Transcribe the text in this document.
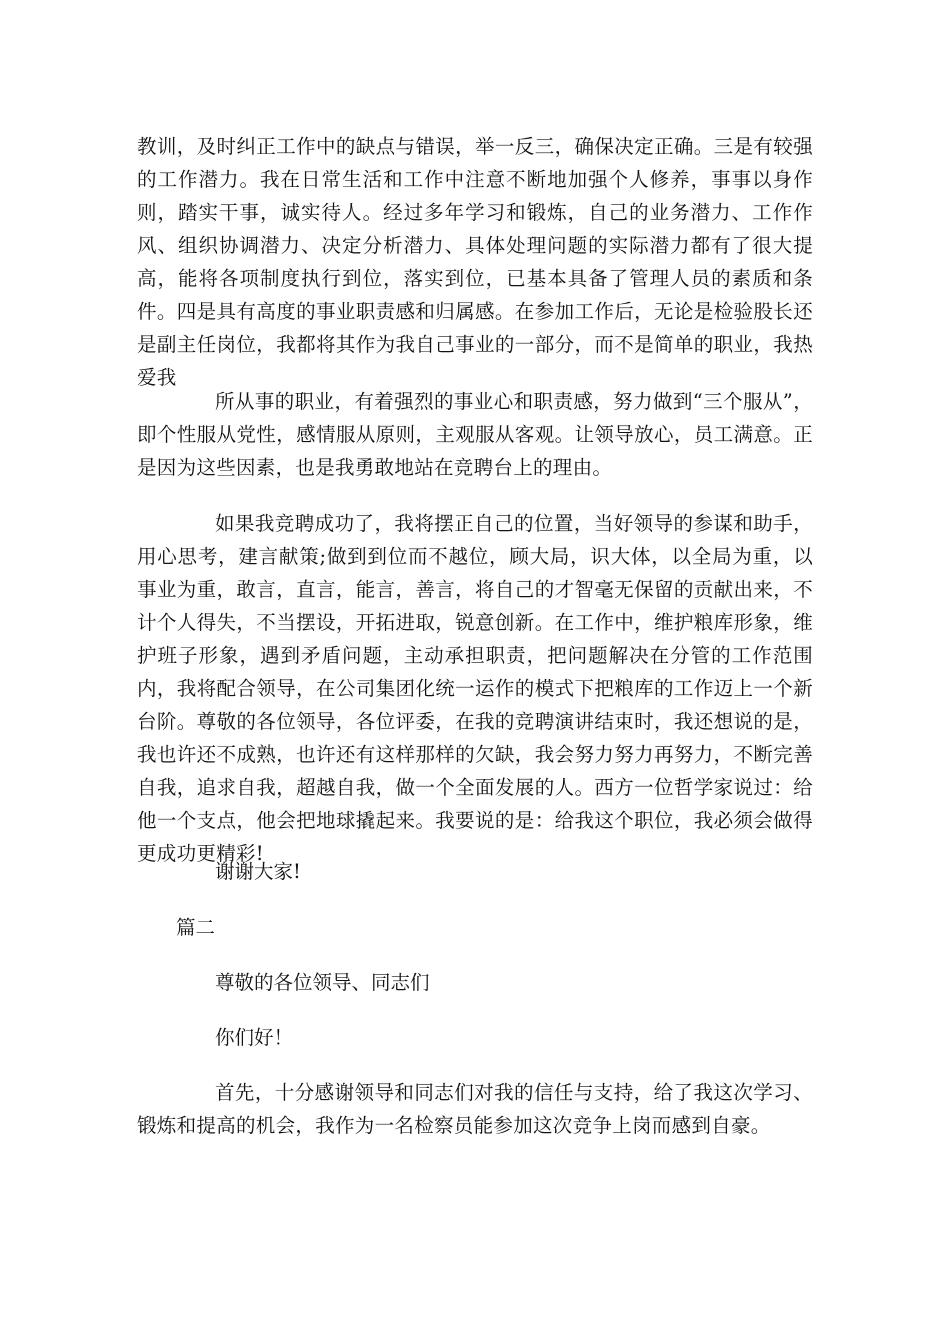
教训，及时纠正工作中的缺点与错误，举一反三，确保决定正确。三是有较强的工作潜力。我在日常生活和工作中注意不断地加强个人修养，事事以身作则，踏实干事，诚实待人。经过多年学习和锻炼，自己的业务潜力、工作作风、组织协调潜力、决定分析潜力、具体处理问题的实际潜力都有了很大提高，能将各项制度执行到位，落实到位，已基本具备了管理人员的素质和条件。四是具有高度的事业职责感和归属感。在参加工作后，无论是检验股长还是副主任岗位，我都将其作为我自己事业的一部分，而不是简单的职业，我热爱我

所从事的职业，有着强烈的事业心和职责感，努力做到“三个服从”，即个性服从党性，感情服从原则，主观服从客观。让领导放心，员工满意。正是因为这些因素，也是我勇敢地站在竞聘台上的理由。

如果我竞聘成功了，我将摆正自己的位置，当好领导的参谋和助手，用心思考，建言献策;做到到位而不越位，顾大局，识大体，以全局为重，以事业为重，敢言，直言，能言，善言，将自己的才智毫无保留的贡献出来，不计个人得失，不当摆设，开拓进取，锐意创新。在工作中，维护粮库形象，维护班子形象，遇到矛盾问题，主动承担职责，把问题解决在分管的工作范围内，我将配合领导，在公司集团化统一运作的模式下把粮库的工作迈上一个新台阶。尊敬的各位领导，各位评委，在我的竞聘演讲结束时，我还想说的是，我也许还不成熟，也许还有这样那样的欠缺，我会努力努力再努力，不断完善自我，追求自我，超越自我，做一个全面发展的人。西方一位哲学家说过：给他一个支点，他会把地球撬起来。我要说的是：给我这个职位，我必须会做得更成功更精彩!

谢谢大家!

篇二

尊敬的各位领导、同志们

你们好！

首先，十分感谢领导和同志们对我的信任与支持，给了我这次学习、锻炼和提高的机会，我作为一名检察员能参加这次竞争上岗而感到自豪。
